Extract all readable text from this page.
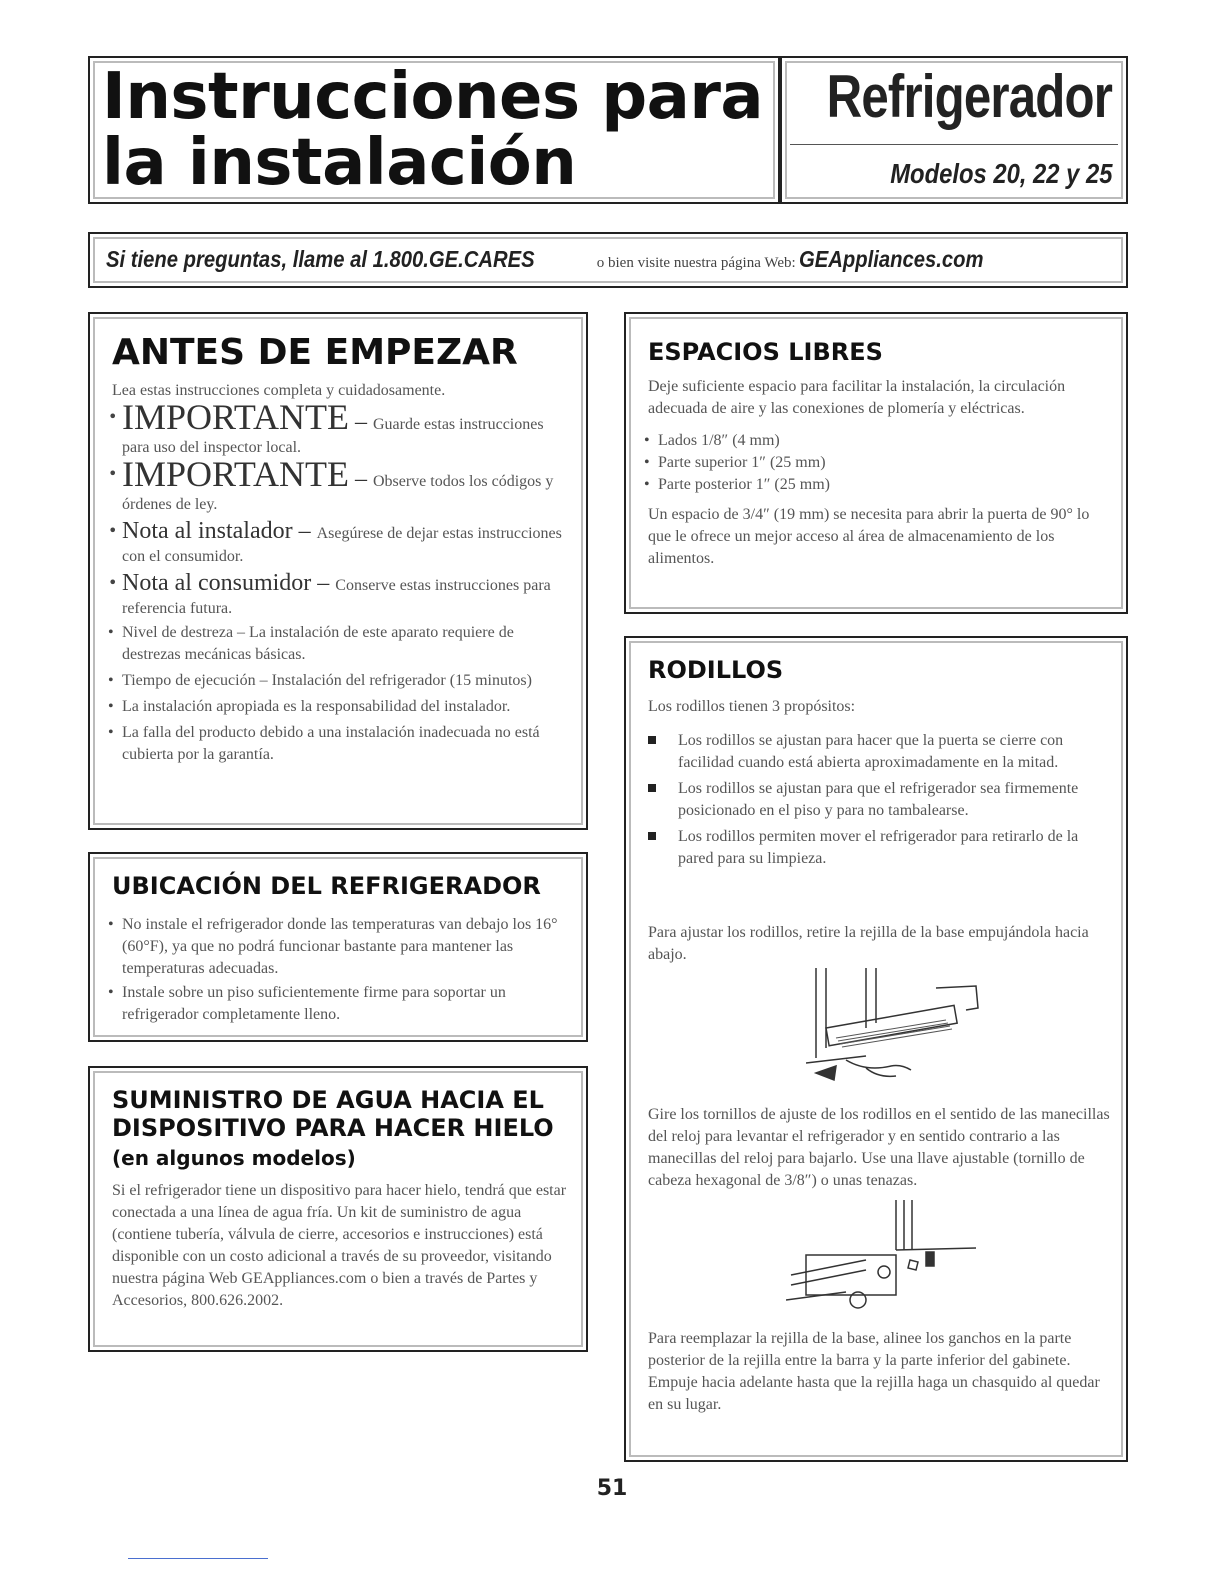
Instrucciones para
la instalación
Refrigerador
Modelos 20, 22 y 25
Si tiene preguntas, llame al 1.800.GE.CARES	o bien visite nuestra página Web: GEAppliances.com
ANTES DE EMPEZAR
Lea estas instrucciones completa y cuidadosamente.
• IMPORTANTE – Guarde estas instrucciones para uso del inspector local.
• IMPORTANTE – Observe todos los códigos y órdenes de ley.
• Nota al instalador – Asegúrese de dejar estas instrucciones con el consumidor.
• Nota al consumidor – Conserve estas instrucciones para referencia futura.
• Nivel de destreza – La instalación de este aparato requiere de destrezas mecánicas básicas.
• Tiempo de ejecución – Instalación del refrigerador (15 minutos)
• La instalación apropiada es la responsabilidad del instalador.
• La falla del producto debido a una instalación inadecuada no está cubierta por la garantía.
UBICACIÓN DEL REFRIGERADOR
• No instale el refrigerador donde las temperaturas van debajo los 16°(60°F), ya que no podrá funcionar bastante para mantener las temperaturas adecuadas.
• Instale sobre un piso suficientemente firme para soportar un refrigerador completamente lleno.
SUMINISTRO DE AGUA HACIA EL
DISPOSITIVO PARA HACER HIELO
(en algunos modelos)
Si el refrigerador tiene un dispositivo para hacer hielo, tendrá que estar conectada a una línea de agua fría. Un kit de suministro de agua (contiene tubería, válvula de cierre, accesorios e instrucciones) está disponible con un costo adicional a través de su proveedor, visitando nuestra página Web GEAppliances.com o bien a través de Partes y Accesorios, 800.626.2002.
ESPACIOS LIBRES
Deje suficiente espacio para facilitar la instalación, la circulación adecuada de aire y las conexiones de plomería y eléctricas.
• Lados 1/8″ (4 mm)
• Parte superior 1″ (25 mm)
• Parte posterior 1″ (25 mm)
Un espacio de 3/4″ (19 mm) se necesita para abrir la puerta de 90° lo que le ofrece un mejor acceso al área de almacenamiento de los alimentos.
RODILLOS
Los rodillos tienen 3 propósitos:
Los rodillos se ajustan para hacer que la puerta se cierre con facilidad cuando está abierta aproximadamente en la mitad.
Los rodillos se ajustan para que el refrigerador sea firmemente posicionado en el piso y para no tambalearse.
Los rodillos permiten mover el refrigerador para retirarlo de la pared para su limpieza.
Para ajustar los rodillos, retire la rejilla de la base empujándola hacia abajo.
Gire los tornillos de ajuste de los rodillos en el sentido de las manecillas del reloj para levantar el refrigerador y en sentido contrario a las manecillas del reloj para bajarlo. Use una llave ajustable (tornillo de cabeza hexagonal de 3/8″) o unas tenazas.
Para reemplazar la rejilla de la base, alinee los ganchos en la parte posterior de la rejilla entre la barra y la parte inferior del gabinete. Empuje hacia adelante hasta que la rejilla haga un chasquido al quedar en su lugar.
51
